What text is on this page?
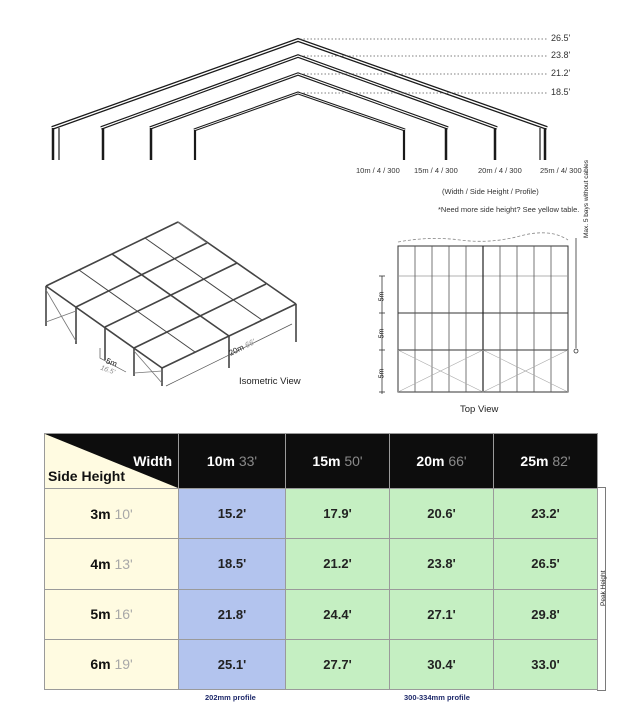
26.5'
23.8'
21.2'
18.5'
10m / 4 / 300 15m / 4 / 300	20m / 4 / 300 25m / 4/ 300
(Width / Side Height / Profile)
*Need more side height? See yellow table.
5m
16.5'
20m 66'
Isometric View
5m
5m
5m
Max. 5 bays without cables
Top View
Width
Side Height	10m 33'	15m 50'	20m 66'	25m 82'
3m 10'	15.2'	17.9'	20.6'	23.2'
4m 13'	18.5'	21.2'	23.8'	26.5'
5m 16'	21.8'	24.4'	27.1'	29.8'
6m 19'	25.1'	27.7'	30.4'	33.0'
Peak Height
202mm profile	300-334mm profile
